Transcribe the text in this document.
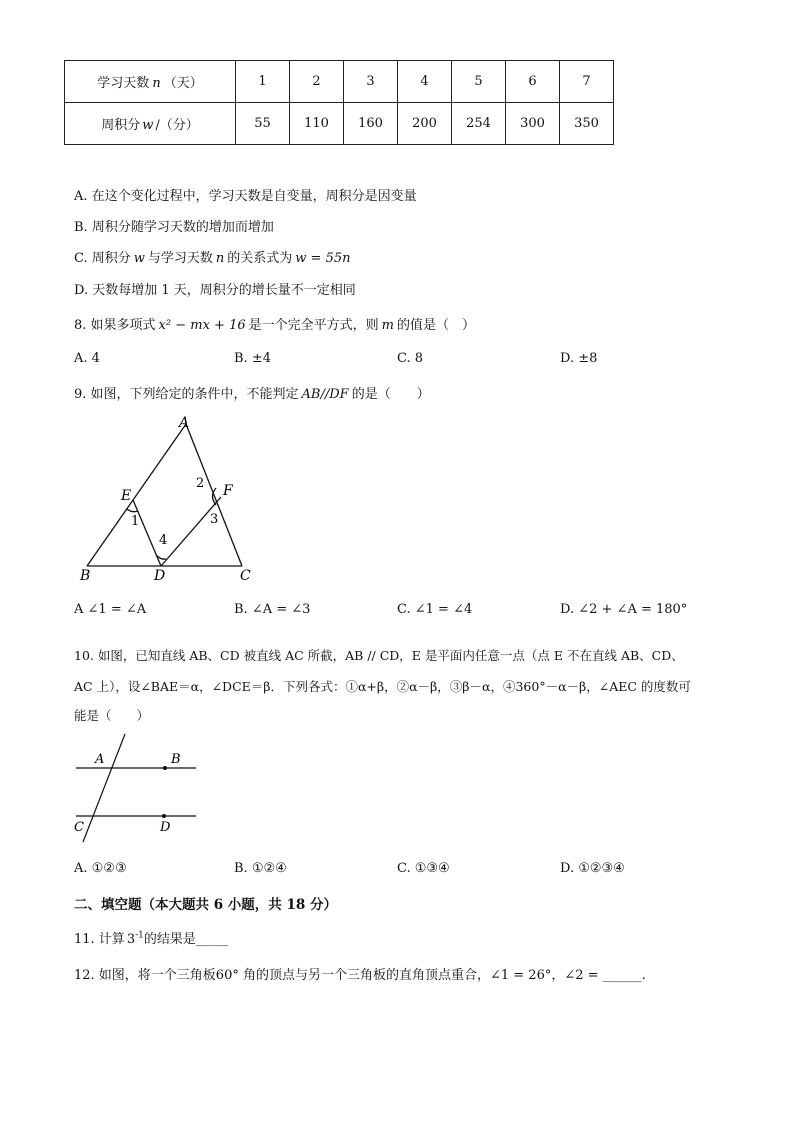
学习天数 n （天）	1	2	3	4	5	6	7
周积分 w /（分）	55	110	160	200	254	300	350
A. 在这个变化过程中，学习天数是自变量，周积分是因变量
B. 周积分随学习天数的增加而增加
C. 周积分 w 与学习天数 n 的关系式为 w = 55n
D. 天数每增加 1 天，周积分的增长量不一定相同
8. 如果多项式 x² − mx + 16 是一个完全平方式，则 m 的值是（　）
A. 4	B. ±4	C. 8	D. ±8
9. 如图，下列给定的条件中，不能判定 AB//DF 的是（　　）
A
E	F
B	D	C
1
2
3
4
A ∠1 = ∠A	B. ∠A = ∠3	C. ∠1 = ∠4	D. ∠2 + ∠A = 180°
10. 如图，已知直线 AB、CD 被直线 AC 所截，AB // CD，E 是平面内任意一点（点 E 不在直线 AB、CD、
AC 上），设∠BAE＝α，∠DCE＝β．下列各式：①α+β，②α－β，③β－α，④360°－α－β，∠AEC 的度数可
能是（　　）
A	B
C	D
A. ①②③	B. ①②④	C. ①③④	D. ①②③④
二、填空题（本大题共 6 小题，共 18 分）
11. 计算 $3^{-1}$的结果是_____
12. 如图，将一个三角板60° 角的顶点与另一个三角板的直角顶点重合，∠1 = 26°，∠2 = ______.
